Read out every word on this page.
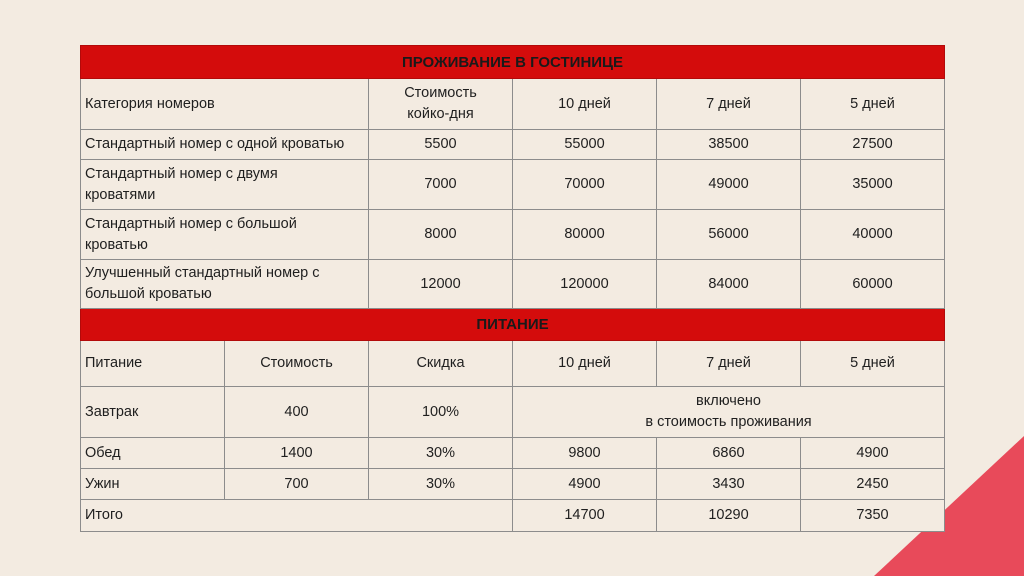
ПРОЖИВАНИЕ В ГОСТИНИЦЕ					
Категория номеров		Стоимость
койко-дня	10 дней	7 дней	5 дней
Стандартный номер с одной кроватью		5500	55000	38500	27500

Стандартный номер с двумя
кроватями		7000	70000	49000	35000

Стандартный номер с большой
кроватью		8000	80000	56000	40000

Улучшенный стандартный номер с
большой кроватью		12000	120000	84000	60000
ПИТАНИЕ					
Питание	Стоимость	Скидка	10 дней	7 дней	5 дней
Завтрак	400	100%	включено
в стоимость проживания		

Обед	1400	30%	9800	6860	4900
Ужин	700	30%	4900	3430	2450
Итого			14700	10290	7350
